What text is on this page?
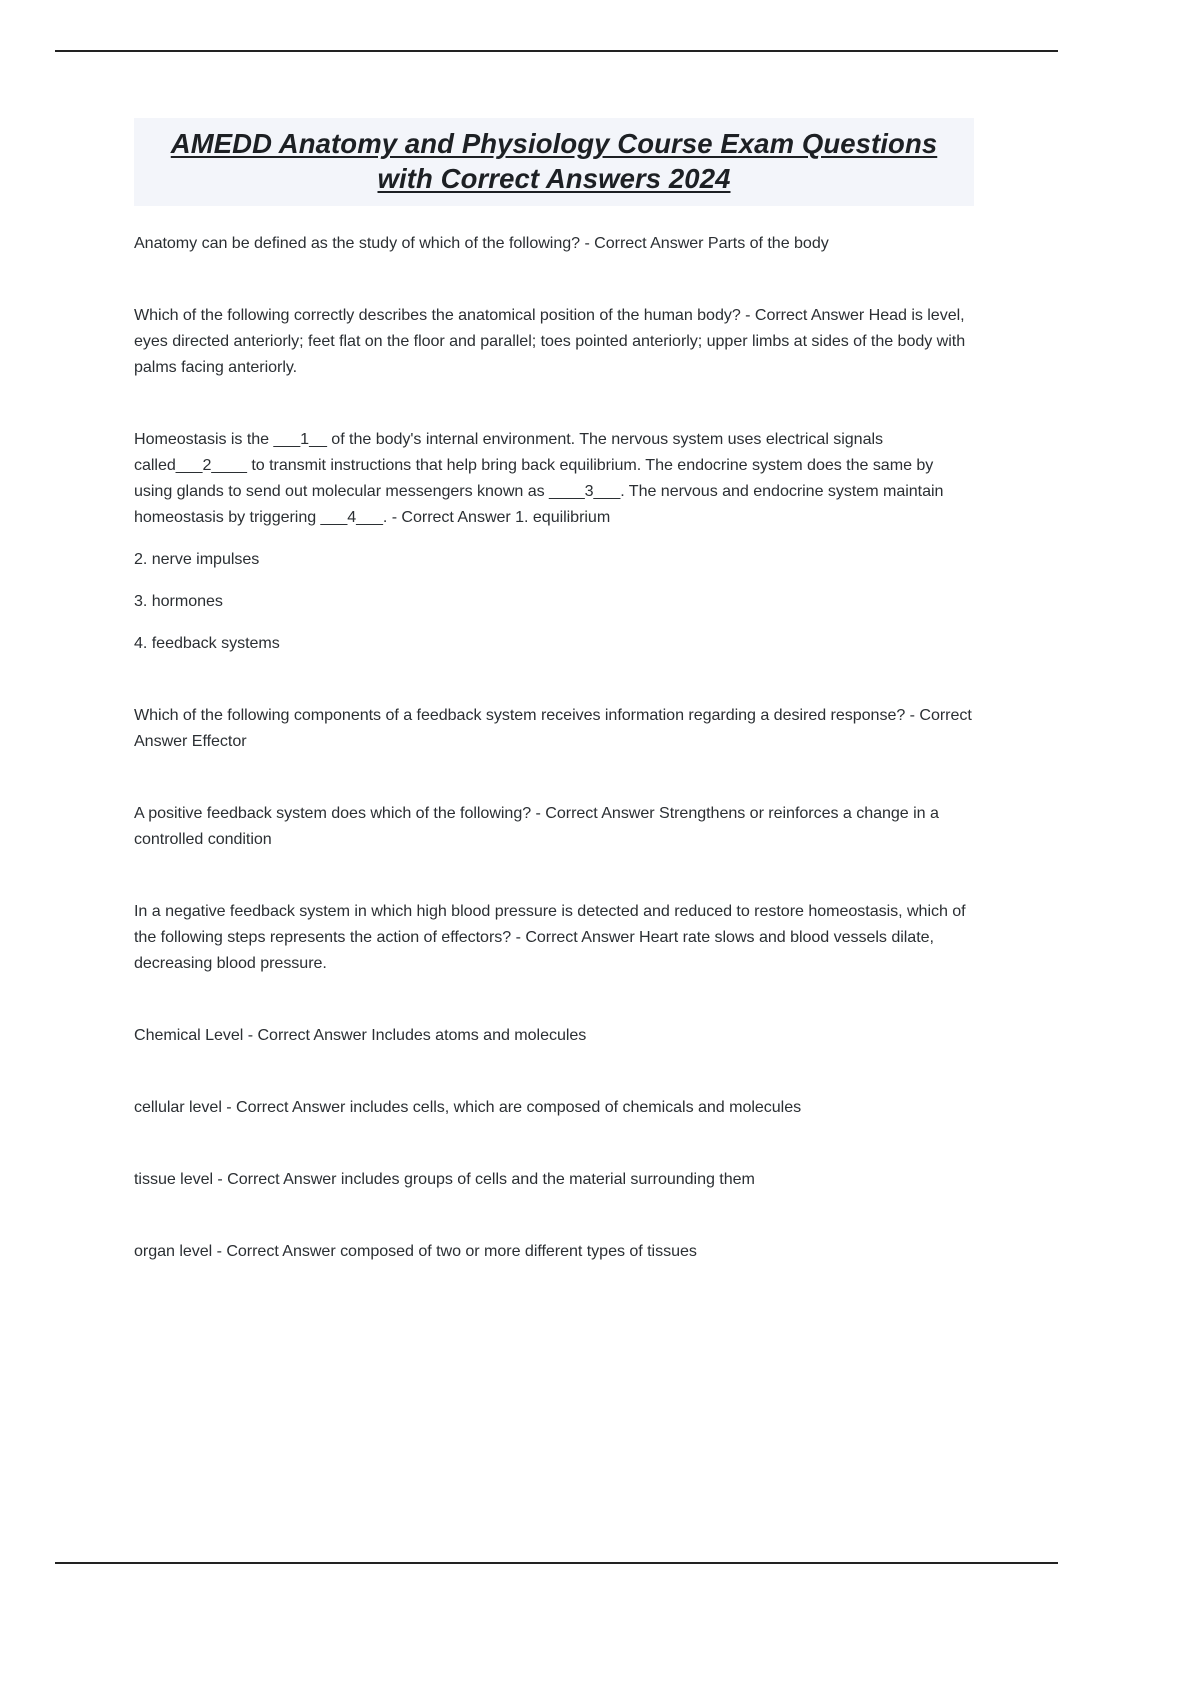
AMEDD Anatomy and Physiology Course Exam Questions
with Correct Answers 2024

Anatomy can be defined as the study of which of the following? - Correct Answer Parts of the body

Which of the following correctly describes the anatomical position of the human body? - Correct Answer Head is level, eyes directed anteriorly; feet flat on the floor and parallel; toes pointed anteriorly; upper limbs at sides of the body with palms facing anteriorly.

Homeostasis is the ___1__ of the body's internal environment. The nervous system uses electrical signals called___2____ to transmit instructions that help bring back equilibrium. The endocrine system does the same by using glands to send out molecular messengers known as ____3___. The nervous and endocrine system maintain homeostasis by triggering ___4___. - Correct Answer 1. equilibrium

2. nerve impulses

3. hormones

4. feedback systems

Which of the following components of a feedback system receives information regarding a desired response? - Correct Answer Effector

A positive feedback system does which of the following? - Correct Answer Strengthens or reinforces a change in a controlled condition

In a negative feedback system in which high blood pressure is detected and reduced to restore homeostasis, which of the following steps represents the action of effectors? - Correct Answer Heart rate slows and blood vessels dilate, decreasing blood pressure.

Chemical Level - Correct Answer Includes atoms and molecules

cellular level - Correct Answer includes cells, which are composed of chemicals and molecules

tissue level - Correct Answer includes groups of cells and the material surrounding them

organ level - Correct Answer composed of two or more different types of tissues
